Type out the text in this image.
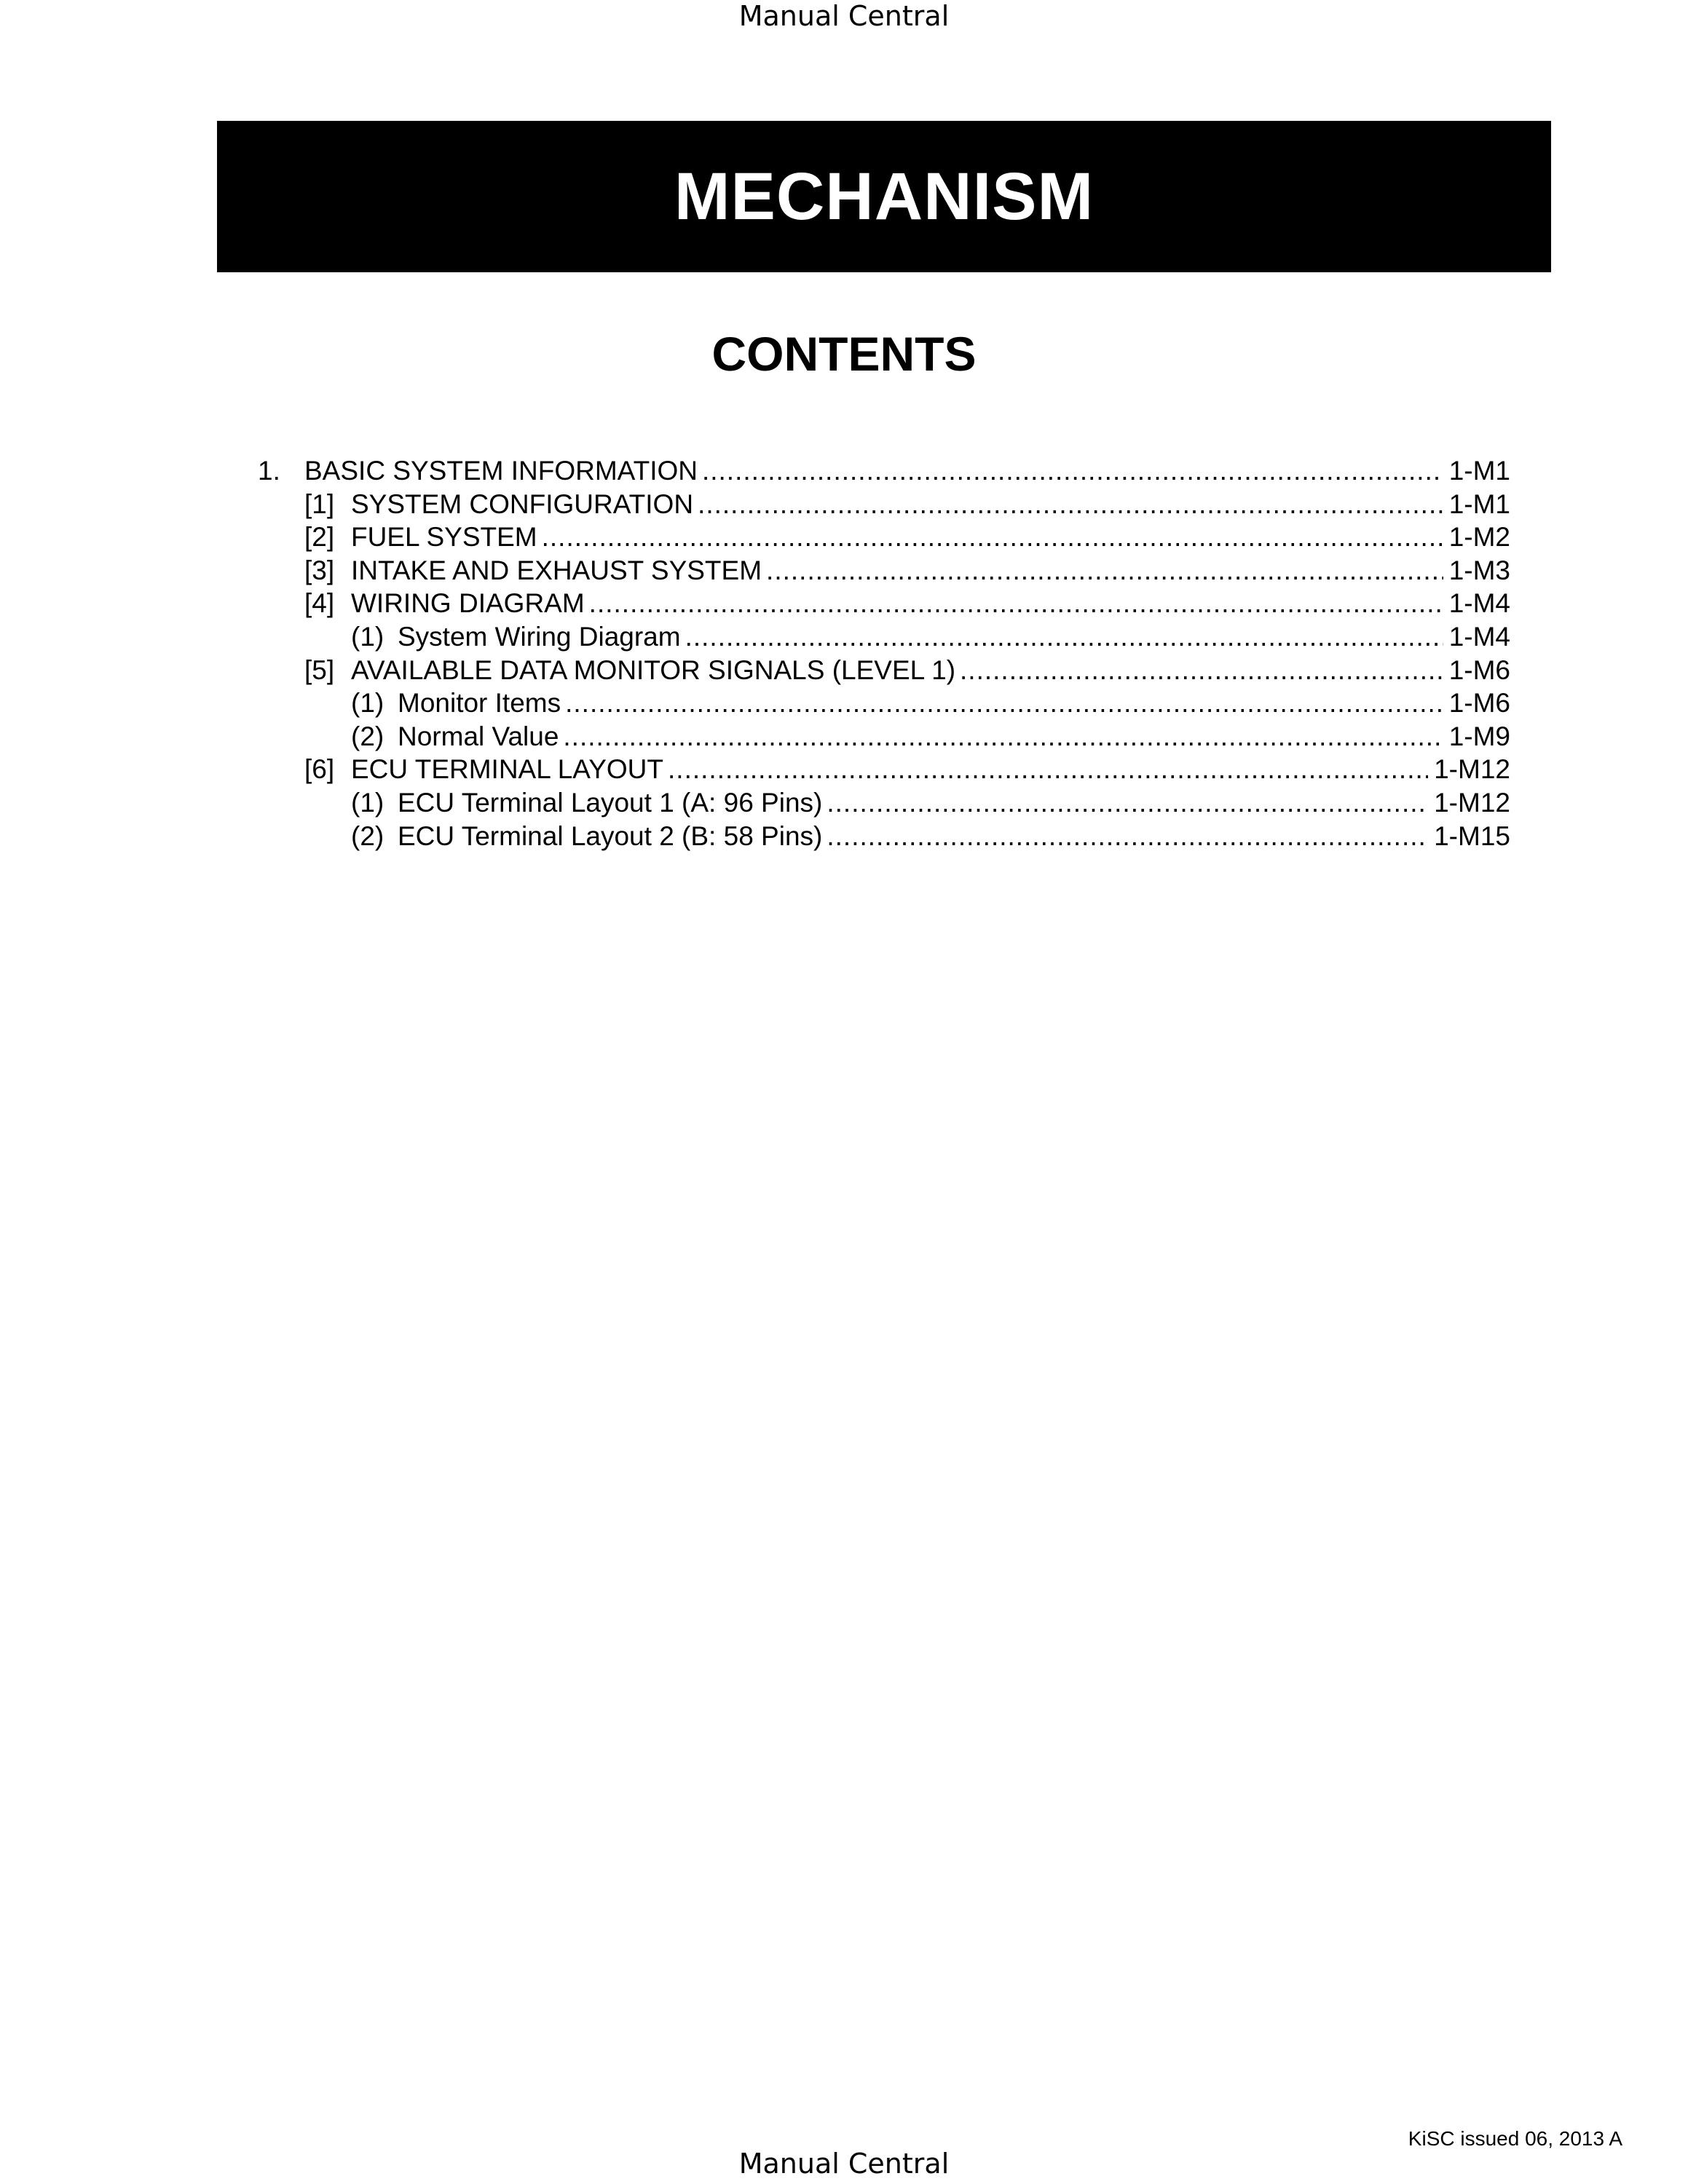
Manual Central
MECHANISM
CONTENTS
1. BASIC SYSTEM INFORMATION .....	1-M1
[1] SYSTEM CONFIGURATION .....	1-M1
[2] FUEL SYSTEM .....	1-M2
[3] INTAKE AND EXHAUST SYSTEM .....	1-M3
[4] WIRING DIAGRAM .....	1-M4
(1) System Wiring Diagram .....	1-M4
[5] AVAILABLE DATA MONITOR SIGNALS (LEVEL 1) .....	1-M6
(1) Monitor Items .....	1-M6
(2) Normal Value .....	1-M9
[6] ECU TERMINAL LAYOUT .....	1-M12
(1) ECU Terminal Layout 1 (A: 96 Pins) .....	1-M12
(2) ECU Terminal Layout 2 (B: 58 Pins) .....	1-M15
KiSC issued 06, 2013 A
Manual Central
